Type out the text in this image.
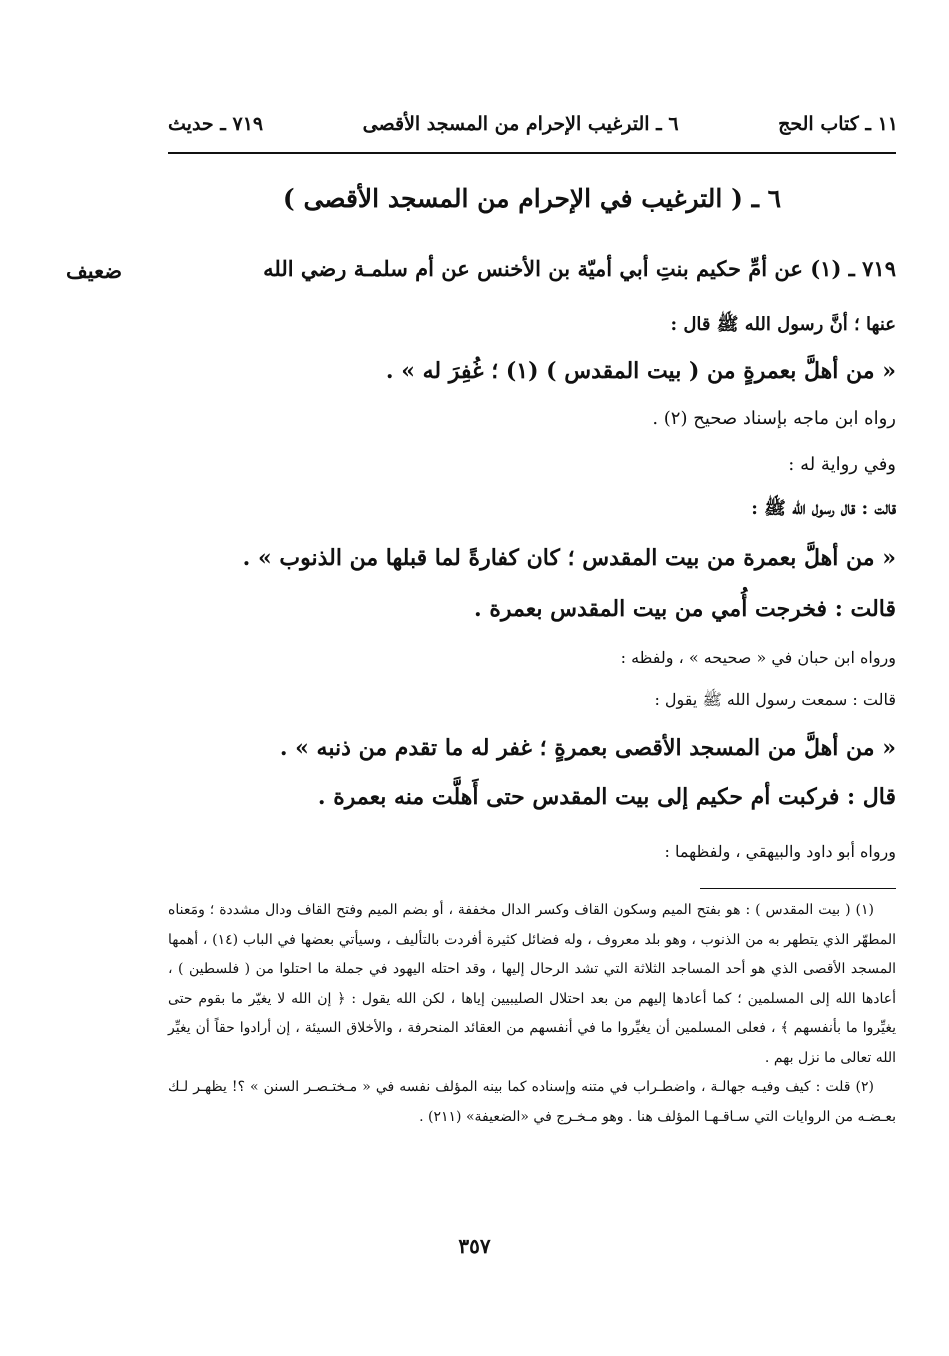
١١ ـ كتاب الحج
٦ ـ الترغيب الإحرام من المسجد الأقصى
٧١٩ ـ حديث
٦ ـ ( الترغيب في الإحرام من المسجد الأقصى )
ضعيف	٧١٩ ـ (١) عن أمِّ حكيم بنتِ أبي أميّة بن الأخنس عن أم سلمـة رضي الله
عنها ؛ أنَّ رسول الله ﷺ قال :
« من أهلَّ بعمرةٍ من ( بيت المقدس ) (١) ؛ غُفِرَ له » .
رواه ابن ماجه بإسناد صحيح (٢) .
وفي رواية له :
قالت : قال رسول الله ﷺ :
« من أهلَّ بعمرة من بيت المقدس ؛ كان كفارةً لما قبلها من الذنوب » .
قالت : فخرجت أُمي من بيت المقدس بعمرة .
ورواه ابن حبان في « صحيحه » ، ولفظه :
قالت : سمعت رسول الله ﷺ يقول :
« من أهلَّ من المسجد الأقصى بعمرةٍ ؛ غفر له ما تقدم من ذنبه » .
قال : فركبت أم حكيم إلى بيت المقدس حتى أَهلَّت منه بعمرة .
ورواه أبو داود والبيهقي ، ولفظهما :

(١) ( بيت المقدس ) : هو بفتح الميم وسكون القاف وكسر الدال مخففة ، أو بضم الميم وفتح القاف ودال مشددة ؛ ومَعناه المطهّر الذي يتطهر به من الذنوب ، وهو بلد معروف ، وله فضائل كثيرة أفردت بالتأليف ، وسيأتي بعضها في الباب (١٤) ، أهمها المسجد الأقصى الذي هو أحد المساجد الثلاثة التي تشد الرحال إليها ، وقد احتله اليهود في جملة ما احتلوا من ( فلسطين ) ، أعادها الله إلى المسلمين ؛ كما أعادها إليهم من بعد احتلال الصليبيين إياها ، لكن الله يقول : ﴿ إن الله لا يغيّر ما بقوم حتى يغيِّروا ما بأنفسهم ﴾ ، فعلى المسلمين أن يغيِّروا ما في أنفسهم من العقائد المنحرفة ، والأخلاق السيئة ، إن أرادوا حقاً أن يغيِّر الله تعالى ما نزل بهم .

(٢) قلت : كيف وفيـه جهالـة ، واضطـراب في متنه وإسناده كما بينه المؤلف نفسه في « مـختـصـر السنن » ؟! يظهـر لـك بعـضـه من الروايات التي سـاقـهـا المؤلف هنا . وهو مـخـرج في «الضعيفة» (٢١١) .

٣٥٧
